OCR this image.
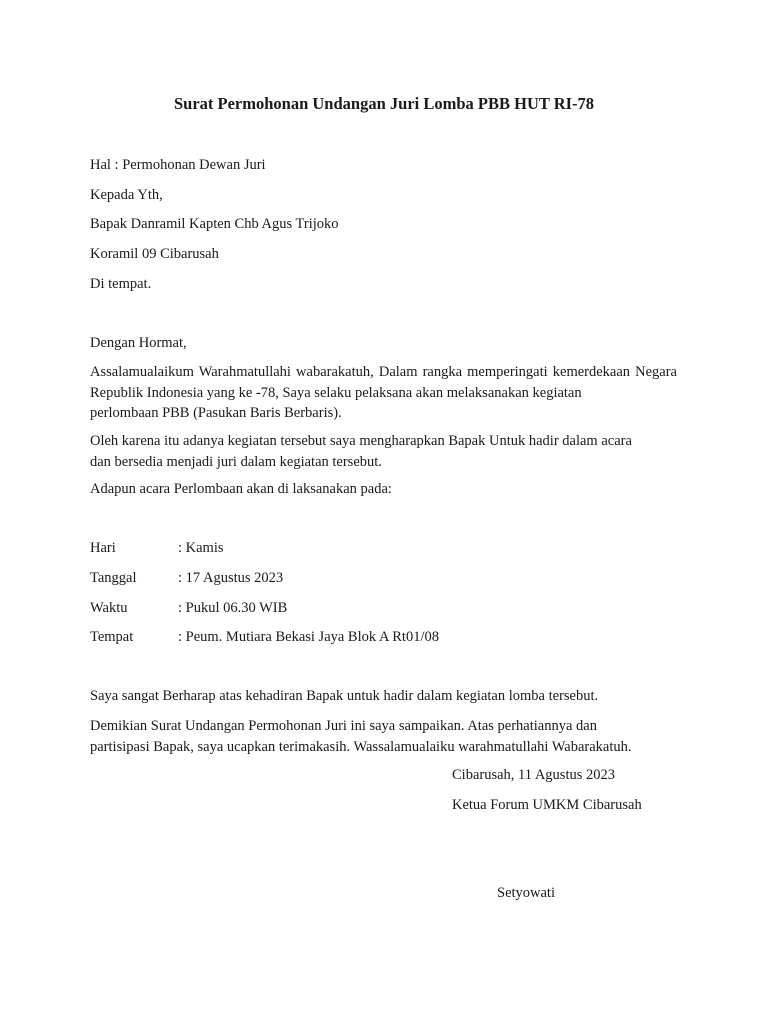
Surat Permohonan Undangan Juri Lomba PBB HUT RI-78
Hal : Permohonan Dewan Juri
Kepada Yth,
Bapak Danramil Kapten Chb Agus Trijoko
Koramil 09 Cibarusah
Di tempat.
Dengan Hormat,
Assalamualaikum Warahmatullahi wabarakatuh, Dalam rangka memperingati kemerdekaan Negara Republik Indonesia yang ke -78, Saya selaku pelaksana akan melaksanakan kegiatan
perlombaan PBB (Pasukan Baris Berbaris).
Oleh karena itu adanya kegiatan tersebut saya mengharapkan Bapak Untuk hadir dalam acara
dan bersedia menjadi juri dalam kegiatan tersebut.
Adapun acara Perlombaan akan di laksanakan pada:
Hari	: Kamis
Tanggal	: 17 Agustus 2023
Waktu	: Pukul 06.30 WIB
Tempat	: Peum. Mutiara Bekasi Jaya Blok A Rt01/08
Saya sangat Berharap atas kehadiran Bapak untuk hadir dalam kegiatan lomba tersebut.
Demikian Surat Undangan Permohonan Juri ini saya sampaikan. Atas perhatiannya dan
partisipasi Bapak, saya ucapkan terimakasih. Wassalamualaiku warahmatullahi Wabarakatuh.
Cibarusah, 11 Agustus 2023
Ketua Forum UMKM Cibarusah
Setyowati
